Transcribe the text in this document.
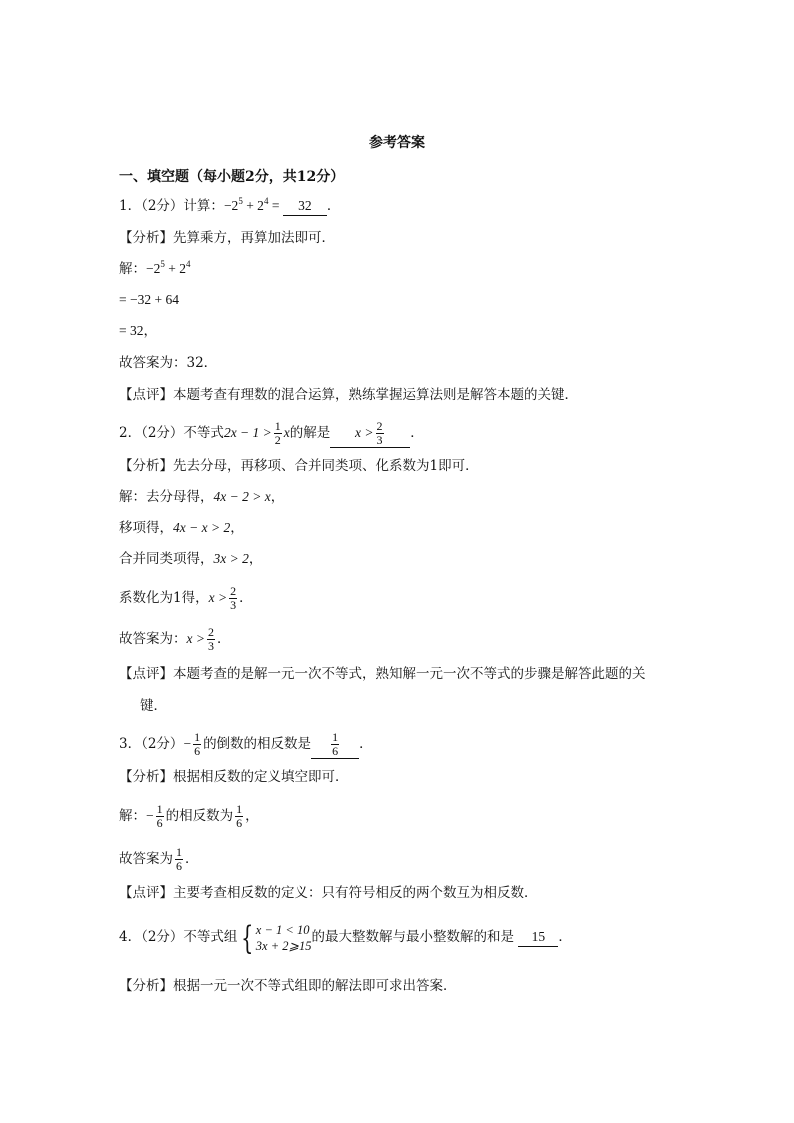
参考答案
一、填空题（每小题2分，共12分）
1．（2分）计算：$-2^5 + 2^4 = 32$ ．
【分析】先算乘方，再算加法即可．
解：$-2^5 + 2^4$
= −32 + 64
= 32，
故答案为：32．
【点评】本题考查有理数的混合运算，熟练掌握运算法则是解答本题的关键．
2．（2分）不等式$2x - 1 > \frac{1}{2}$ x的解是 $x > \frac{2}{3}$ ．
【分析】先去分母，再移项、合并同类项、化系数为1即可．
解：去分母得，4x − 2 > x，
移项得，4x − x > 2，
合并同类项得，3x > 2，
系数化为1得，$x > \frac{2}{3}$ ．
故答案为：$x > \frac{2}{3}$ ．
【点评】本题考查的是解一元一次不等式，熟知解一元一次不等式的步骤是解答此题的关
键．
3．（2分）− $\frac{1}{6}$ 的倒数的相反数是 $\frac{1}{6}$ ．
【分析】根据相反数的定义填空即可．
解：− $\frac{1}{6}$ 的相反数为 $\frac{1}{6}$ ，
故答案为 $\frac{1}{6}$ ．
【点评】主要考查相反数的定义：只有符号相反的两个数互为相反数．
4．（2分）不等式组 { x − 1 < 10
3x + 2⩾15
的最大整数解与最小整数解的和是 15 ．
【分析】根据一元一次不等式组即的解法即可求出答案．
